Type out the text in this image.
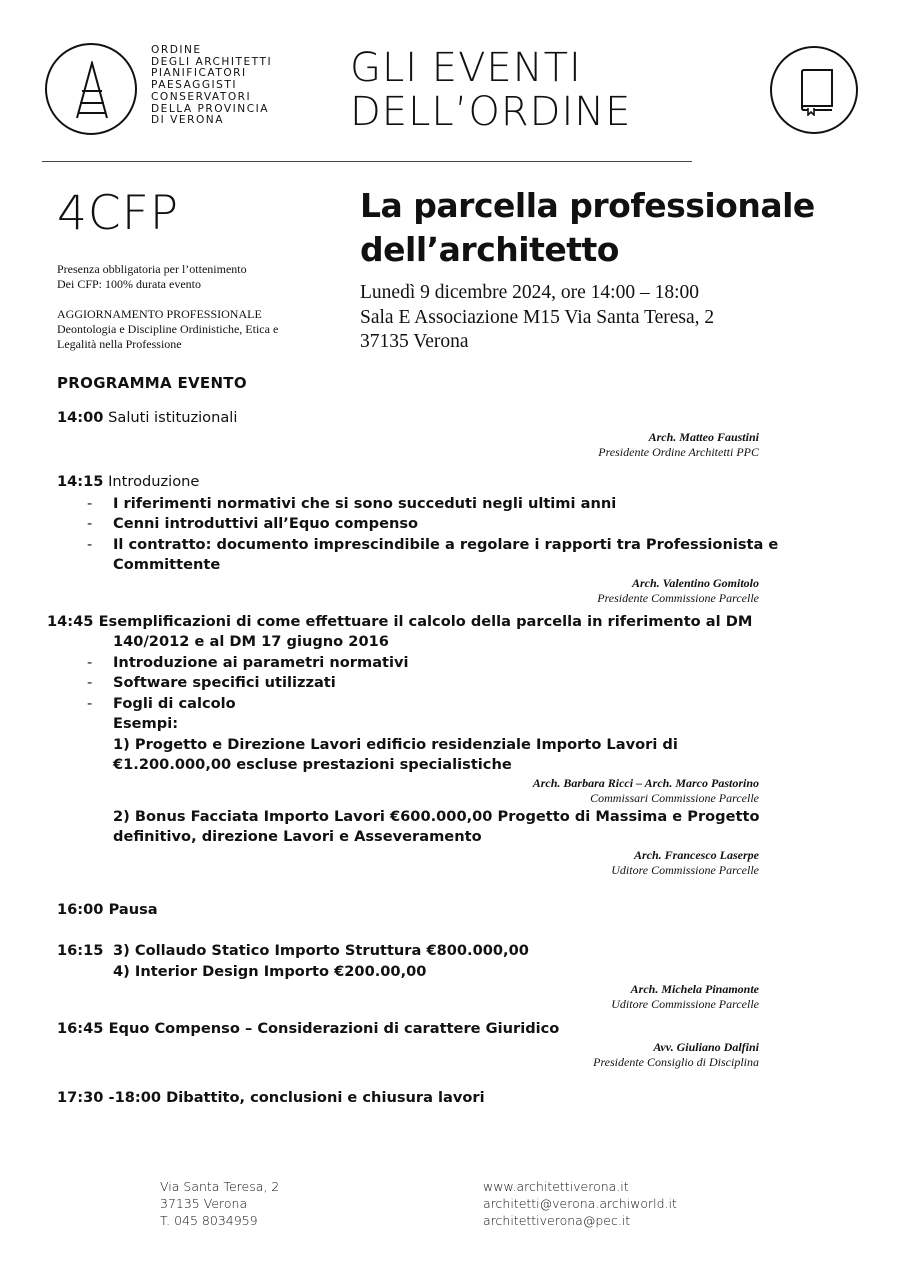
ORDINE
DEGLI ARCHITETTI
PIANIFICATORI
PAESAGGISTI
CONSERVATORI
DELLA PROVINCIA
DI VERONA
GLI EVENTI
DELL’ORDINE
4CFP
Presenza obbligatoria per l’ottenimento
Dei CFP: 100% durata evento
AGGIORNAMENTO PROFESSIONALE
Deontologia e Discipline Ordinistiche, Etica e
Legalità nella Professione
La parcella professionale
dell’architetto
Lunedì 9 dicembre 2024, ore 14:00 – 18:00
Sala E Associazione M15 Via Santa Teresa, 2
37135 Verona
PROGRAMMA EVENTO
14:00 Saluti istituzionali
Arch. Matteo Faustini
Presidente Ordine Architetti PPC
14:15 Introduzione
- I riferimenti normativi che si sono succeduti negli ultimi anni
- Cenni introduttivi all’Equo compenso
- Il contratto: documento imprescindibile a regolare i rapporti tra Professionista e
Committente
Arch. Valentino Gomitolo
Presidente Commissione Parcelle
14:45 Esemplificazioni di come effettuare il calcolo della parcella in riferimento al DM
140/2012 e al DM 17 giugno 2016
- Introduzione ai parametri normativi
- Software specifici utilizzati
- Fogli di calcolo
Esempi:
1) Progetto e Direzione Lavori edificio residenziale Importo Lavori di
€1.200.000,00 escluse prestazioni specialistiche
Arch. Barbara Ricci – Arch. Marco Pastorino
Commissari Commissione Parcelle
2) Bonus Facciata Importo Lavori €600.000,00 Progetto di Massima e Progetto
definitivo, direzione Lavori e Asseveramento
Arch. Francesco Laserpe
Uditore Commissione Parcelle
16:00 Pausa
16:15 3) Collaudo Statico Importo Struttura €800.000,00
4) Interior Design Importo €200.00,00
Arch. Michela Pinamonte
Uditore Commissione Parcelle
16:45 Equo Compenso – Considerazioni di carattere Giuridico
Avv. Giuliano Dalfini
Presidente Consiglio di Disciplina
17:30 -18:00 Dibattito, conclusioni e chiusura lavori
Via Santa Teresa, 2
37135 Verona
T. 045 8034959
www.architettiverona.it
architetti@verona.archiworld.it
architettiverona@pec.it
